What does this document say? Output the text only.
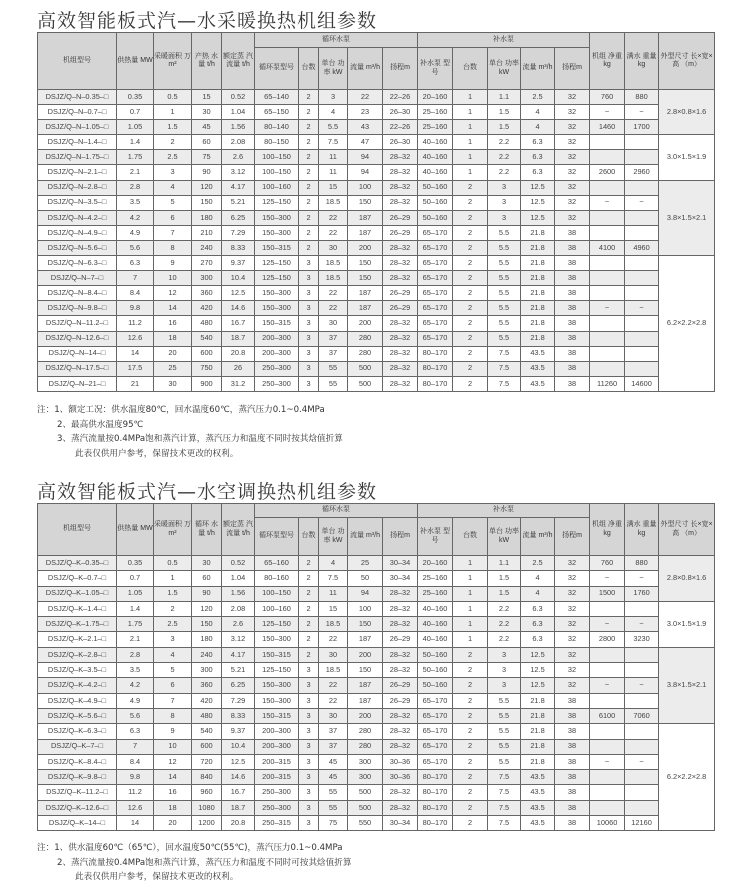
高效智能板式汽—水采暖换热机组参数
机组型号	供热量 MW	采暖面积 万m²	产热 水量 t/h	额定蒸 汽流量 t/h	循环水泵					补水泵					机组 净重 kg	满水 重量 kg	外型尺寸 长×宽×高 （m）
					循环泵型号	台数	单台 功率 kW	流量 m³/h	扬程m	补水泵 型号	台数	单台 功率 kW	流量 m³/h	扬程m			
DSJZ/Q–N–0.35–□	0.35	0.5	15	0.52	65–140	2	3	22	22–26	20–160	1	1.1	2.5	32	760	880	2.8×0.8×1.6
DSJZ/Q–N–0.7–□	0.7	1	30	1.04	65–150	2	4	23	26–30	25–160	1	1.5	4	32	~	~	
DSJZ/Q–N–1.05–□	1.05	1.5	45	1.56	80–140	2	5.5	43	22–26	25–160	1	1.5	4	32	1460	1700	
DSJZ/Q–N–1.4–□	1.4	2	60	2.08	80–150	2	7.5	47	26–30	40–160	1	2.2	6.3	32			3.0×1.5×1.9
DSJZ/Q–N–1.75–□	1.75	2.5	75	2.6	100–150	2	11	94	28–32	40–160	1	2.2	6.3	32			
DSJZ/Q–N–2.1–□	2.1	3	90	3.12	100–150	2	11	94	28–32	40–160	1	2.2	6.3	32	2600	2960	
DSJZ/Q–N–2.8–□	2.8	4	120	4.17	100–160	2	15	100	28–32	50–160	2	3	12.5	32			3.8×1.5×2.1
DSJZ/Q–N–3.5–□	3.5	5	150	5.21	125–150	2	18.5	150	28–32	50–160	2	3	12.5	32	~	~	
DSJZ/Q–N–4.2–□	4.2	6	180	6.25	150–300	2	22	187	26–29	50–160	2	3	12.5	32			
DSJZ/Q–N–4.9–□	4.9	7	210	7.29	150–300	2	22	187	26–29	65–170	2	5.5	21.8	38			
DSJZ/Q–N–5.6–□	5.6	8	240	8.33	150–315	2	30	200	28–32	65–170	2	5.5	21.8	38	4100	4960	
DSJZ/Q–N–6.3–□	6.3	9	270	9.37	125–150	3	18.5	150	28–32	65–170	2	5.5	21.8	38			6.2×2.2×2.8
DSJZ/Q–N–7–□	7	10	300	10.4	125–150	3	18.5	150	28–32	65–170	2	5.5	21.8	38			
DSJZ/Q–N–8.4–□	8.4	12	360	12.5	150–300	3	22	187	26–29	65–170	2	5.5	21.8	38			
DSJZ/Q–N–9.8–□	9.8	14	420	14.6	150–300	3	22	187	26–29	65–170	2	5.5	21.8	38	~	~	
DSJZ/Q–N–11.2–□	11.2	16	480	16.7	150–315	3	30	200	28–32	65–170	2	5.5	21.8	38			
DSJZ/Q–N–12.6–□	12.6	18	540	18.7	200–300	3	37	280	28–32	65–170	2	5.5	21.8	38			
DSJZ/Q–N–14–□	14	20	600	20.8	200–300	3	37	280	28–32	80–170	2	7.5	43.5	38			
DSJZ/Q–N–17.5–□	17.5	25	750	26	250–300	3	55	500	28–32	80–170	2	7.5	43.5	38			
DSJZ/Q–N–21–□	21	30	900	31.2	250–300	3	55	500	28–32	80–170	2	7.5	43.5	38	11260	14600	
注：1、额定工况：供水温度80℃，回水温度60℃，蒸汽压力0.1~0.4MPa
2、最高供水温度95℃
3、蒸汽流量按0.4MPa饱和蒸汽计算，蒸汽压力和温度不同时按其焓值折算
此表仅供用户参考，保留技术更改的权利。
高效智能板式汽—水空调换热机组参数
机组型号	供热量 MW	采暖面积 万m²	循环 水量 t/h	额定蒸 汽流量 t/h	循环水泵					补水泵					机组 净重 kg	满水 重量 kg	外型尺寸 长×宽×高 （m）
					循环泵型号	台数	单台 功率 kW	流量 m³/h	扬程m	补水泵 型号	台数	单台 功率 kW	流量 m³/h	扬程m			
DSJZ/Q–K–0.35–□	0.35	0.5	30	0.52	65–160	2	4	25	30–34	20–160	1	1.1	2.5	32	760	880	2.8×0.8×1.6
DSJZ/Q–K–0.7–□	0.7	1	60	1.04	80–160	2	7.5	50	30–34	25–160	1	1.5	4	32	~	~	
DSJZ/Q–K–1.05–□	1.05	1.5	90	1.56	100–150	2	11	94	28–32	25–160	1	1.5	4	32	1500	1760	
DSJZ/Q–K–1.4–□	1.4	2	120	2.08	100–160	2	15	100	28–32	40–160	1	2.2	6.3	32			3.0×1.5×1.9
DSJZ/Q–K–1.75–□	1.75	2.5	150	2.6	125–150	2	18.5	150	28–32	40–160	1	2.2	6.3	32	~	~	
DSJZ/Q–K–2.1–□	2.1	3	180	3.12	150–300	2	22	187	26–29	40–160	1	2.2	6.3	32	2800	3230	
DSJZ/Q–K–2.8–□	2.8	4	240	4.17	150–315	2	30	200	28–32	50–160	2	3	12.5	32			3.8×1.5×2.1
DSJZ/Q–K–3.5–□	3.5	5	300	5.21	125–150	3	18.5	150	28–32	50–160	2	3	12.5	32			
DSJZ/Q–K–4.2–□	4.2	6	360	6.25	150–300	3	22	187	26–29	50–160	2	3	12.5	32	~	~	
DSJZ/Q–K–4.9–□	4.9	7	420	7.29	150–300	3	22	187	26–29	65–170	2	5.5	21.8	38			
DSJZ/Q–K–5.6–□	5.6	8	480	8.33	150–315	3	30	200	28–32	65–170	2	5.5	21.8	38	6100	7060	
DSJZ/Q–K–6.3–□	6.3	9	540	9.37	200–300	3	37	280	28–32	65–170	2	5.5	21.8	38			6.2×2.2×2.8
DSJZ/Q–K–7–□	7	10	600	10.4	200–300	3	37	280	28–32	65–170	2	5.5	21.8	38			
DSJZ/Q–K–8.4–□	8.4	12	720	12.5	200–315	3	45	300	30–36	65–170	2	5.5	21.8	38	~	~	
DSJZ/Q–K–9.8–□	9.8	14	840	14.6	200–315	3	45	300	30–36	80–170	2	7.5	43.5	38			
DSJZ/Q–K–11.2–□	11.2	16	960	16.7	250–300	3	55	500	28–32	80–170	2	7.5	43.5	38			
DSJZ/Q–K–12.6–□	12.6	18	1080	18.7	250–300	3	55	500	28–32	80–170	2	7.5	43.5	38			
DSJZ/Q–K–14–□	14	20	1200	20.8	250–315	3	75	550	30–34	80–170	2	7.5	43.5	38	10060	12160	
注：1、供水温度60℃（65℃），回水温度50℃(55℃)，蒸汽压力0.1~0.4MPa
2、蒸汽流量按0.4MPa饱和蒸汽计算，蒸汽压力和温度不同时可按其焓值折算
此表仅供用户参考，保留技术更改的权利。
